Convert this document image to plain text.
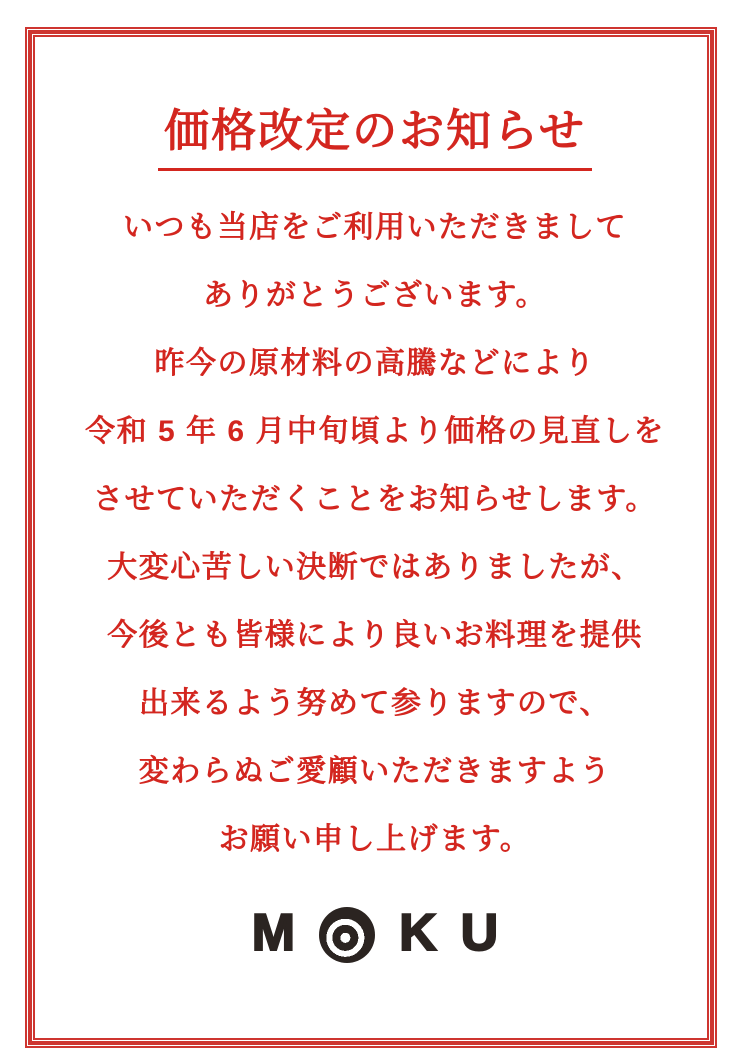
価格改定のお知らせ
いつも当店をご利用いただきまして
ありがとうございます。
昨今の原材料の高騰などにより
令和 5 年 6 月中旬頃より価格の見直しを
させていただくことをお知らせします。
大変心苦しい決断ではありましたが、
今後とも皆様により良いお料理を提供
出来るよう努めて参りますので、
変わらぬご愛顧いただきますよう
お願い申し上げます。
M K U
